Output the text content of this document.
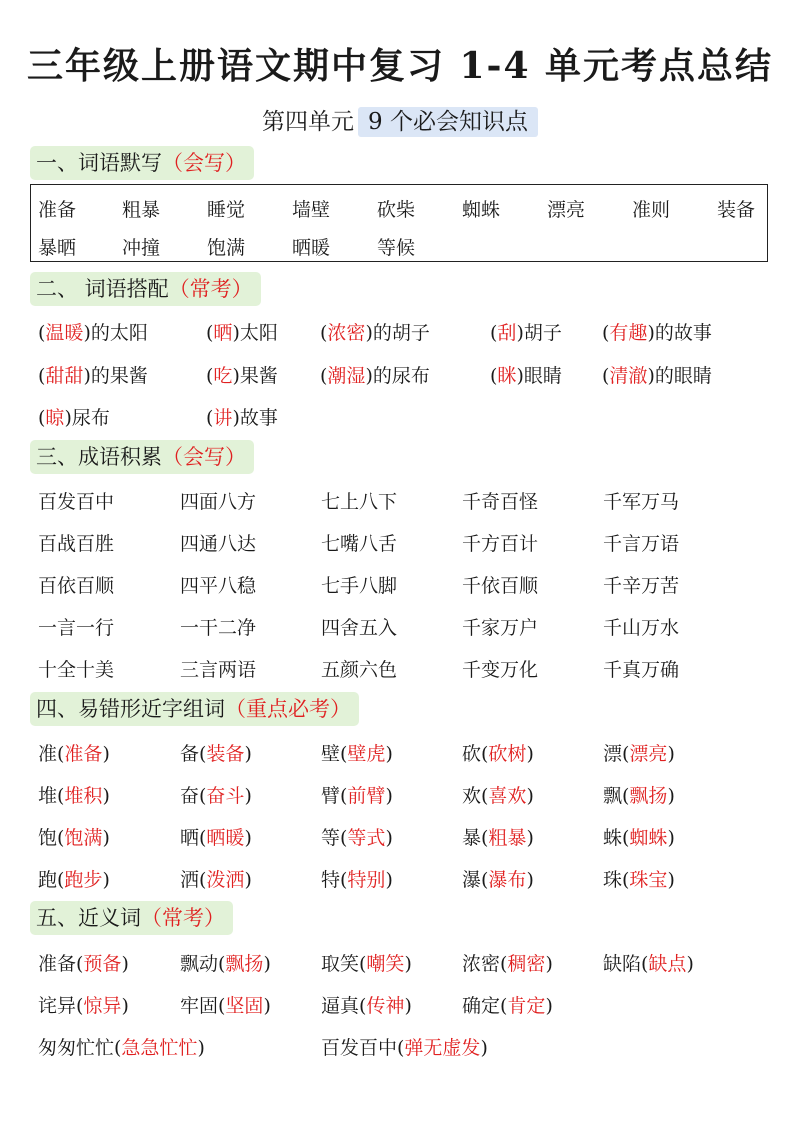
三年级上册语文期中复习 1-4 单元考点总结
第四单元 9 个必会知识点
一、词语默写（会写）
准备 粗暴 睡觉 墙壁 砍柴 蜘蛛 漂亮 准则 装备
暴晒 冲撞 饱满 晒暖 等候
二、 词语搭配（常考）
(温暖)的太阳	(晒)太阳 (浓密)的胡子	(刮)胡子 (有趣)的故事
(甜甜)的果酱	(吃)果酱 (潮湿)的尿布	(眯)眼睛 (清澈)的眼睛
(晾)尿布	(讲)故事
三、成语积累（会写）
百发百中	四面八方	七上八下	千奇百怪	千军万马
百战百胜	四通八达	七嘴八舌	千方百计	千言万语
百依百顺	四平八稳	七手八脚	千依百顺	千辛万苦
一言一行	一干二净	四舍五入	千家万户	千山万水
十全十美	三言两语	五颜六色	千变万化	千真万确
四、易错形近字组词（重点必考）
准(准备)	备(装备)	壁(壁虎)	砍(砍树)	漂(漂亮)
堆(堆积)	奋(奋斗)	臂(前臂)	欢(喜欢)	飘(飘扬)
饱(饱满)	晒(晒暖)	等(等式)	暴(粗暴)	蛛(蜘蛛)
跑(跑步)	洒(泼洒)	特(特别)	瀑(瀑布)	珠(珠宝)
五、近义词（常考）
准备(预备)	飘动(飘扬)	取笑(嘲笑)	浓密(稠密)	缺陷(缺点)
诧异(惊异)	牢固(坚固)	逼真(传神)	确定(肯定)
匆匆忙忙(急急忙忙)	百发百中(弹无虚发)
